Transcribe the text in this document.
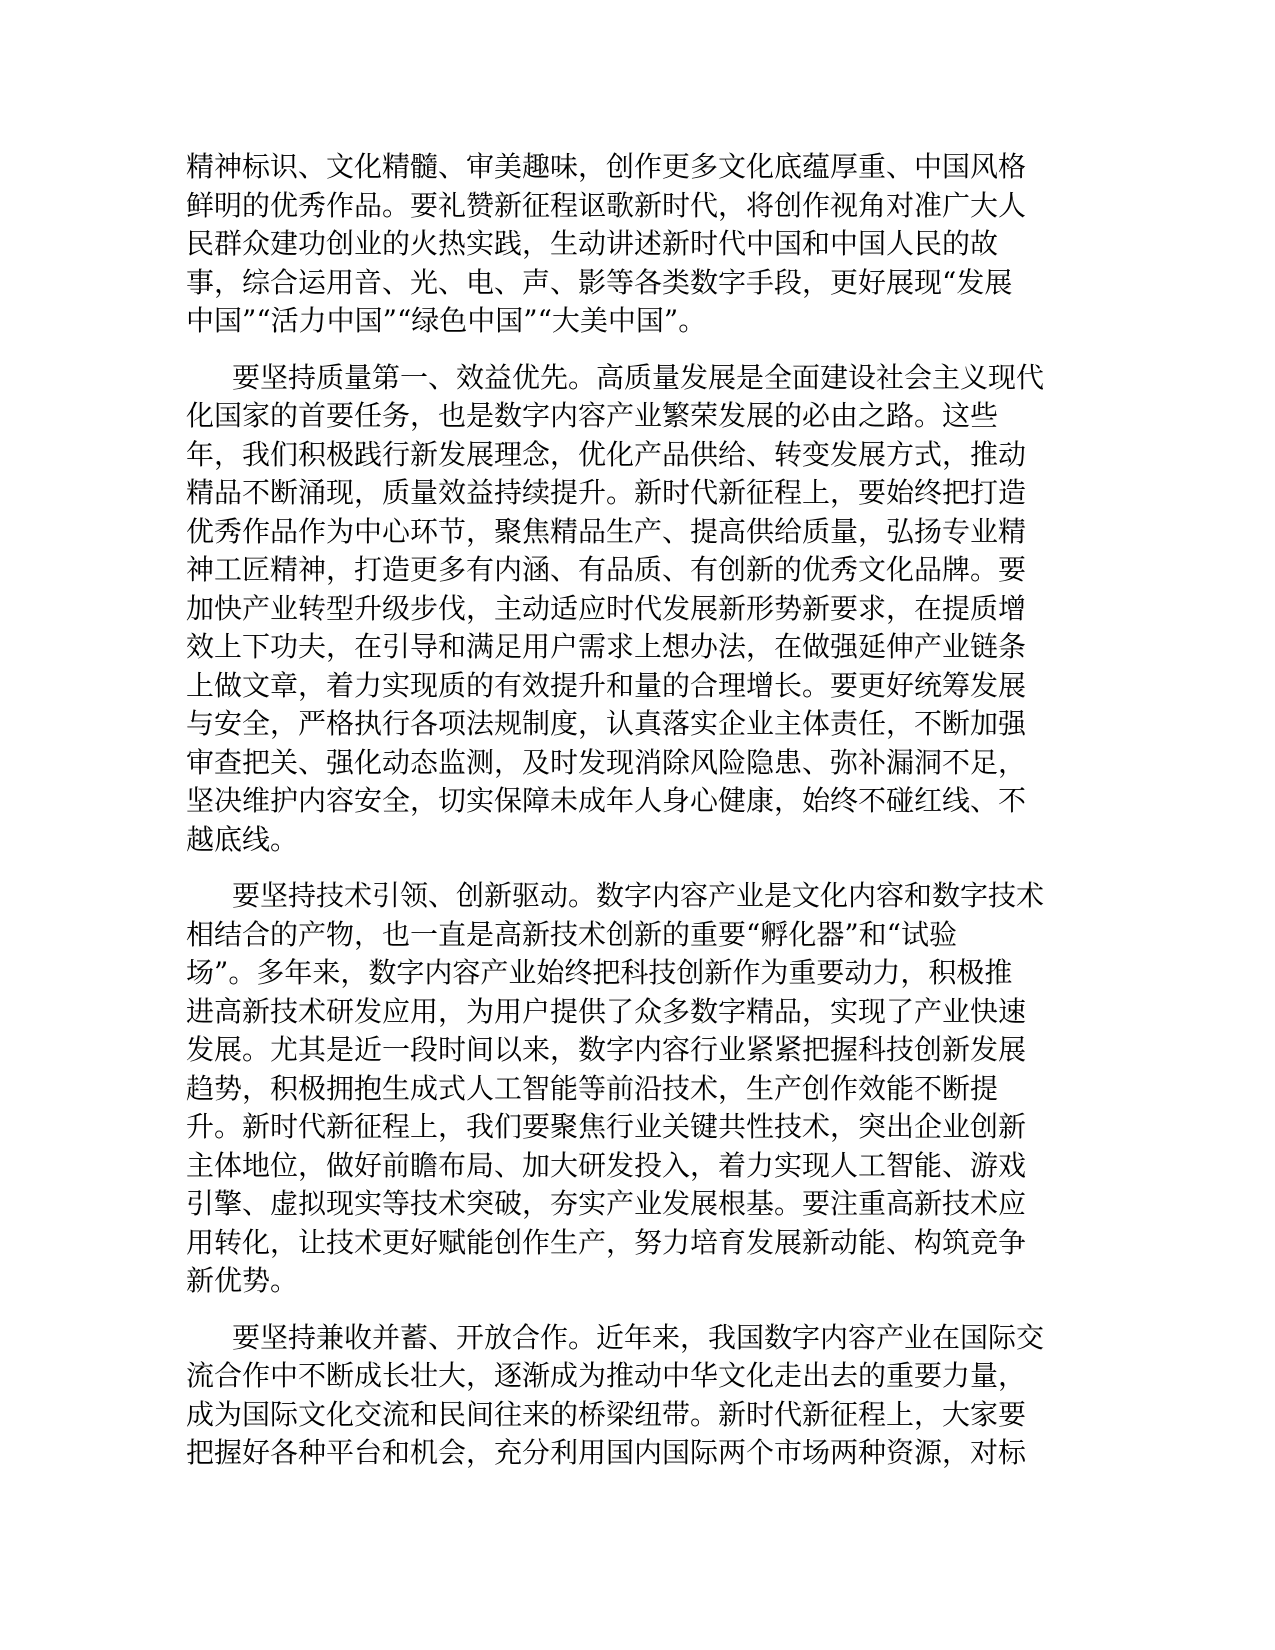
精神标识、文化精髓、审美趣味，创作更多文化底蕴厚重、中国风格
鲜明的优秀作品。要礼赞新征程讴歌新时代，将创作视角对准广大人
民群众建功创业的火热实践，生动讲述新时代中国和中国人民的故
事，综合运用音、光、电、声、影等各类数字手段，更好展现“发展
中国”“活力中国”“绿色中国”“大美中国”。
要坚持质量第一、效益优先。高质量发展是全面建设社会主义现代
化国家的首要任务，也是数字内容产业繁荣发展的必由之路。这些
年，我们积极践行新发展理念，优化产品供给、转变发展方式，推动
精品不断涌现，质量效益持续提升。新时代新征程上，要始终把打造
优秀作品作为中心环节，聚焦精品生产、提高供给质量，弘扬专业精
神工匠精神，打造更多有内涵、有品质、有创新的优秀文化品牌。要
加快产业转型升级步伐，主动适应时代发展新形势新要求，在提质增
效上下功夫，在引导和满足用户需求上想办法，在做强延伸产业链条
上做文章，着力实现质的有效提升和量的合理增长。要更好统筹发展
与安全，严格执行各项法规制度，认真落实企业主体责任，不断加强
审查把关、强化动态监测，及时发现消除风险隐患、弥补漏洞不足，
坚决维护内容安全，切实保障未成年人身心健康，始终不碰红线、不
越底线。
要坚持技术引领、创新驱动。数字内容产业是文化内容和数字技术
相结合的产物，也一直是高新技术创新的重要“孵化器”和“试验
场”。多年来，数字内容产业始终把科技创新作为重要动力，积极推
进高新技术研发应用，为用户提供了众多数字精品，实现了产业快速
发展。尤其是近一段时间以来，数字内容行业紧紧把握科技创新发展
趋势，积极拥抱生成式人工智能等前沿技术，生产创作效能不断提
升。新时代新征程上，我们要聚焦行业关键共性技术，突出企业创新
主体地位，做好前瞻布局、加大研发投入，着力实现人工智能、游戏
引擎、虚拟现实等技术突破，夯实产业发展根基。要注重高新技术应
用转化，让技术更好赋能创作生产，努力培育发展新动能、构筑竞争
新优势。
要坚持兼收并蓄、开放合作。近年来，我国数字内容产业在国际交
流合作中不断成长壮大，逐渐成为推动中华文化走出去的重要力量，
成为国际文化交流和民间往来的桥梁纽带。新时代新征程上，大家要
把握好各种平台和机会，充分利用国内国际两个市场两种资源，对标
